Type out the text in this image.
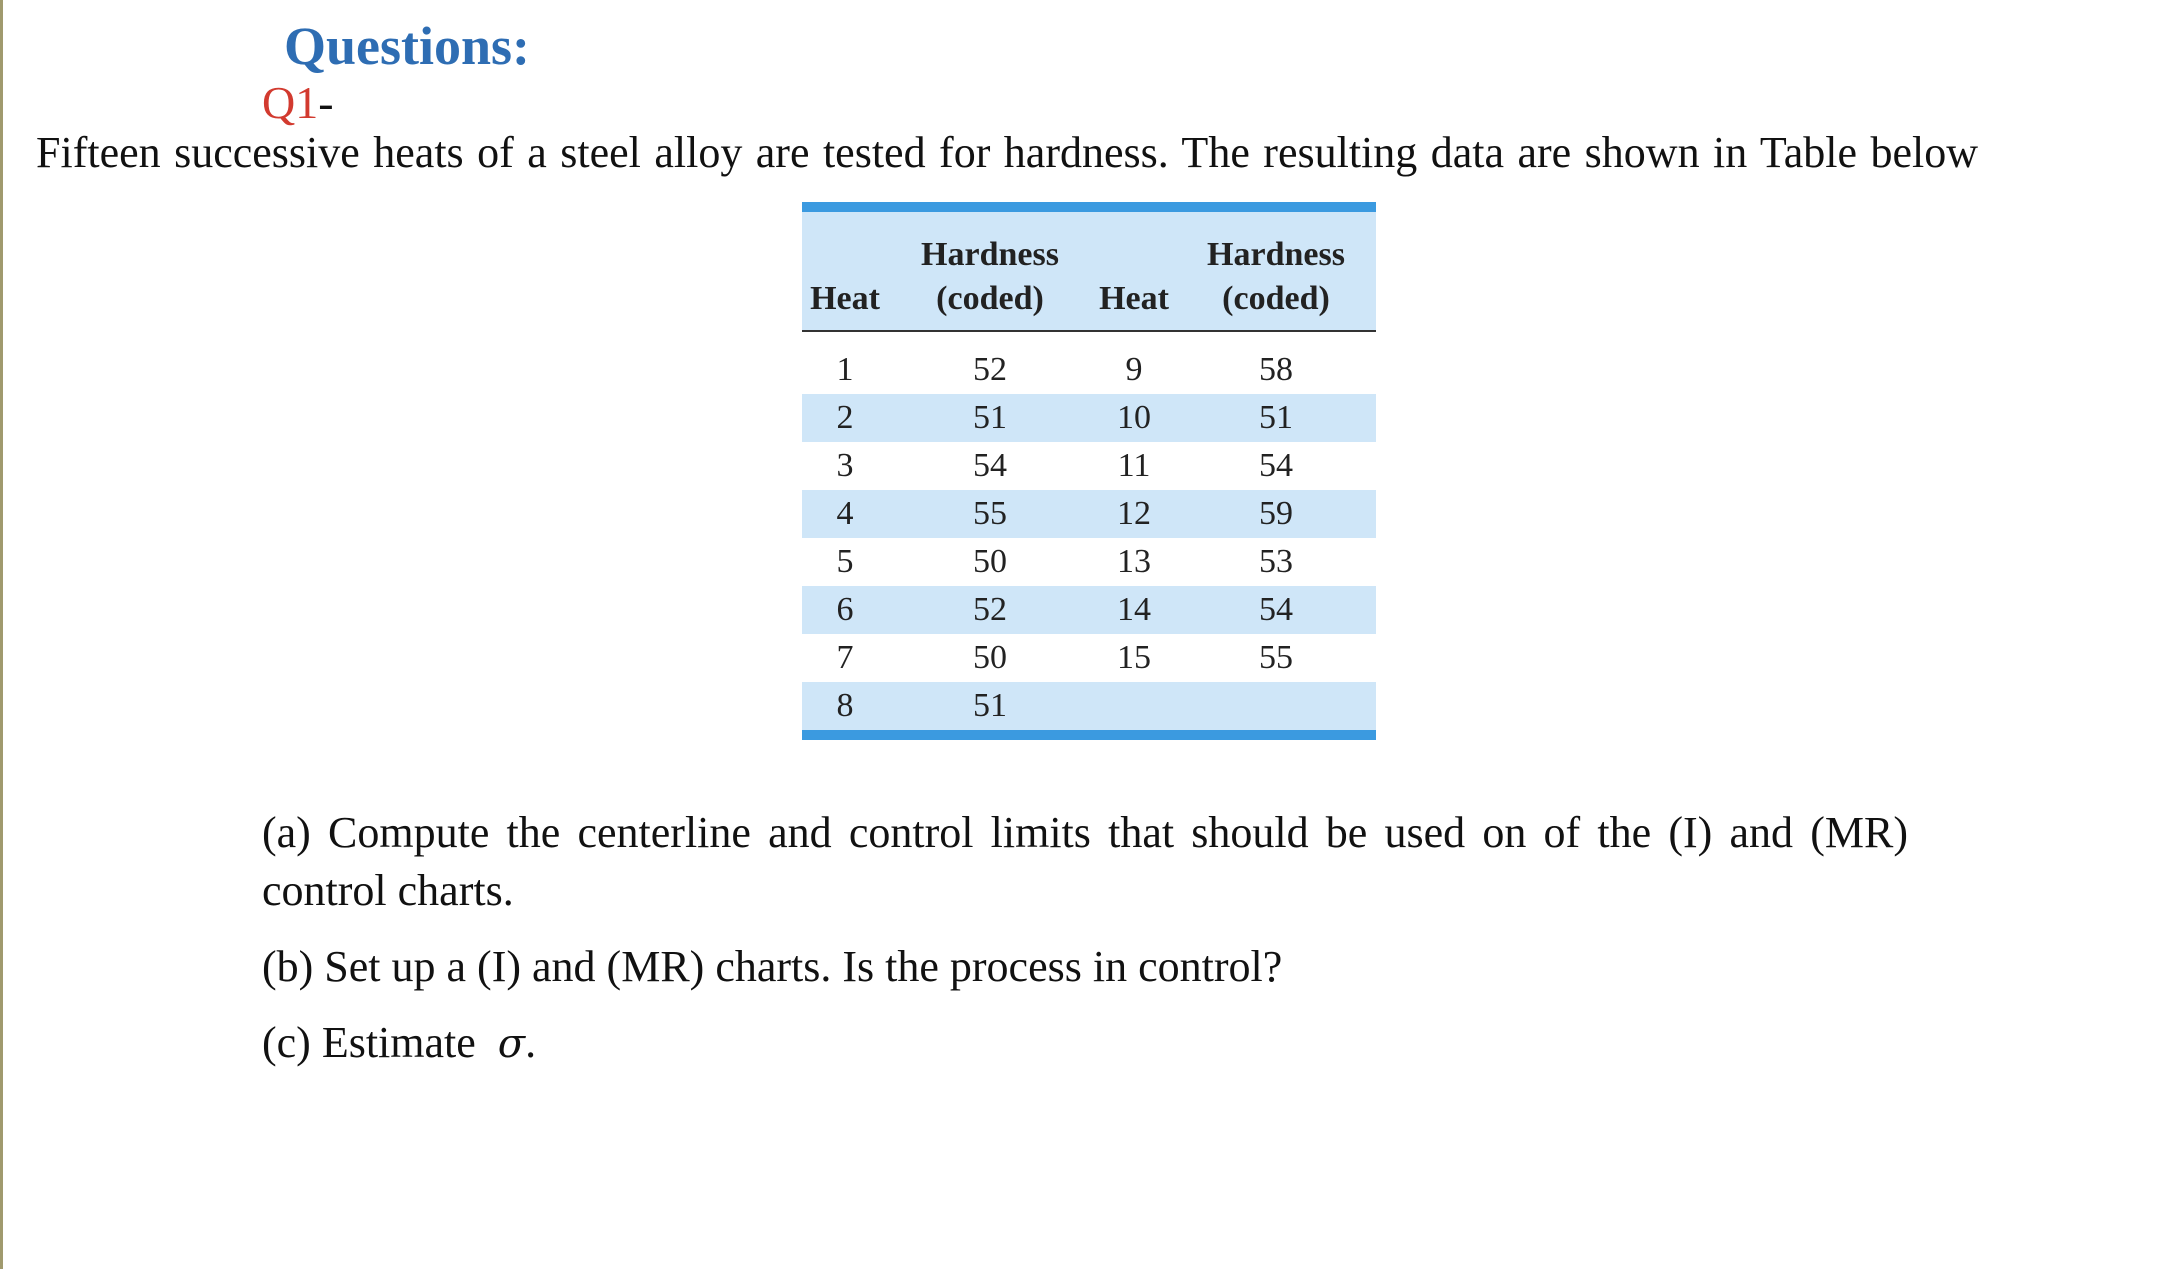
Questions:
Q1-
Fifteen successive heats of a steel alloy are tested for hardness. The resulting data are shown in Table below

	Hardness		Hardness
Heat	(coded)	Heat	(coded)
1	52	9	58
2	51	10	51
3	54	11	54
4	55	12	59
5	50	13	53
6	52	14	54
7	50	15	55
8	51		

(a) Compute the centerline and control limits that should be used on of the (I) and (MR) control charts.

(b) Set up a (I) and (MR) charts. Is the process in control?

(c) Estimate σ.
